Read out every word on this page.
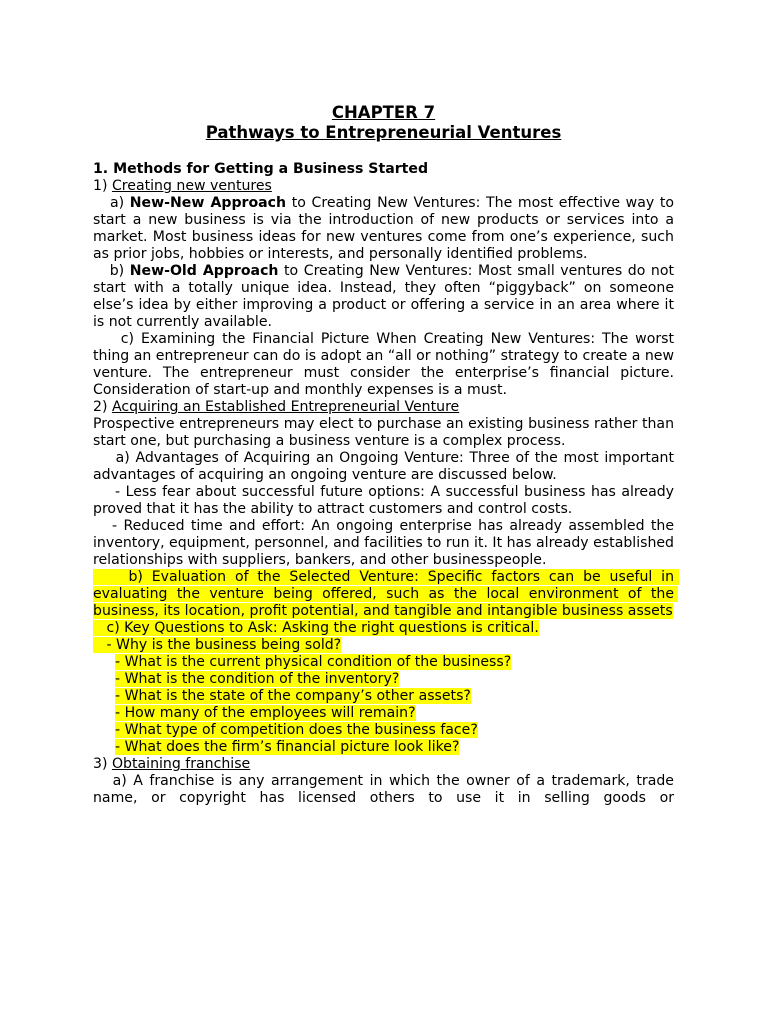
CHAPTER 7

Pathways to Entrepreneurial Ventures

1. Methods for Getting a Business Started

1) Creating new ventures

a) New-New Approach to Creating New Ventures: The most effective way to start a new business is via the introduction of new products or services into a market. Most business ideas for new ventures come from one’s experience, such as prior jobs, hobbies or interests, and personally identified problems.

b) New-Old Approach to Creating New Ventures: Most small ventures do not start with a totally unique idea. Instead, they often “piggyback” on someone else’s idea by either improving a product or offering a service in an area where it is not currently available.

c) Examining the Financial Picture When Creating New Ventures: The worst thing an entrepreneur can do is adopt an “all or nothing” strategy to create a new venture. The entrepreneur must consider the enterprise’s financial picture. Consideration of start-up and monthly expenses is a must.

2) Acquiring an Established Entrepreneurial Venture

Prospective entrepreneurs may elect to purchase an existing business rather than start one, but purchasing a business venture is a complex process.

a) Advantages of Acquiring an Ongoing Venture: Three of the most important advantages of acquiring an ongoing venture are discussed below.

- Less fear about successful future options: A successful business has already proved that it has the ability to attract customers and control costs.

- Reduced time and effort: An ongoing enterprise has already assembled the inventory, equipment, personnel, and facilities to run it. It has already established relationships with suppliers, bankers, and other businesspeople.

b) Evaluation of the Selected Venture: Specific factors can be useful in evaluating the venture being offered, such as the local environment of the business, its location, profit potential, and tangible and intangible business assets

c) Key Questions to Ask: Asking the right questions is critical.

- Why is the business being sold?

- What is the current physical condition of the business?

- What is the condition of the inventory?

- What is the state of the company’s other assets?

- How many of the employees will remain?

- What type of competition does the business face?

- What does the firm’s financial picture look like?

3) Obtaining franchise

a) A franchise is any arrangement in which the owner of a trademark, trade name, or copyright has licensed others to use it in selling goods or
